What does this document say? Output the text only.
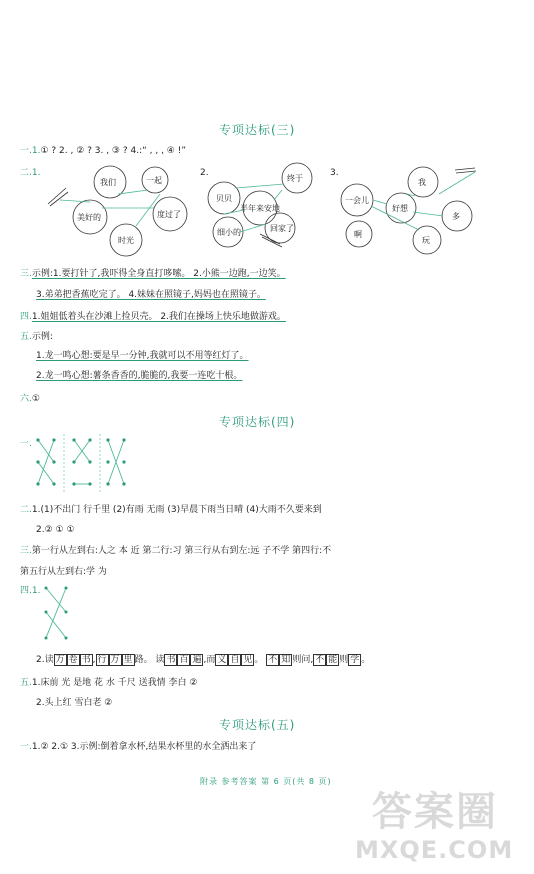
专项达标(三)
一.1.① ? 2. , ② ? 3. , ③ ? 4.:“ , , , ④ !”
二.1.	2.	3.
我们	一起
美好的	度过了
时光
贝贝
终于
半年来安地
回家了
细小的
一会儿
我
好想
多
啊
玩
三.示例:1.要打针了,我吓得全身直打哆嗦。 2.小熊一边跑,一边笑。
3.弟弟把香蕉吃完了。 4.妹妹在照镜子,妈妈也在照镜子。
四.1.姐姐低着头在沙滩上捡贝壳。 2.我们在操场上快乐地做游戏。
五.示例:
1.龙一鸣心想:要是早一分钟,我就可以不用等红灯了。
2.龙一鸣心想:薯条香香的,脆脆的,我要一连吃十根。
六.①
专项达标(四)
一.
二.1.(1)不出门 行千里 (2)有雨 无雨 (3)早晨下雨当日晴 (4)大雨不久要来到
2.② ① ①
三.第一行从左到右:人之 本 近 第二行:习 第三行从右到左:远 子不学 第四行:不
第五行从左到右:学 为
四.1.
2.读 万 卷 书 , 行 万 里 路。 读 书 百 遍 ,而 义 自 见 。 不 知 则问, 不 能 则 学 。
五.1.床前 光 是地 花 水 千尺 送我情 李白 ②
2.头上红 雪白老 ②
专项达标(五)
一.1.② 2.① 3.示例:倒着拿水杯,结果水杯里的水全洒出来了
附录 参考答案 第 6 页(共 8 页)
答案圈
MXQE.COM
